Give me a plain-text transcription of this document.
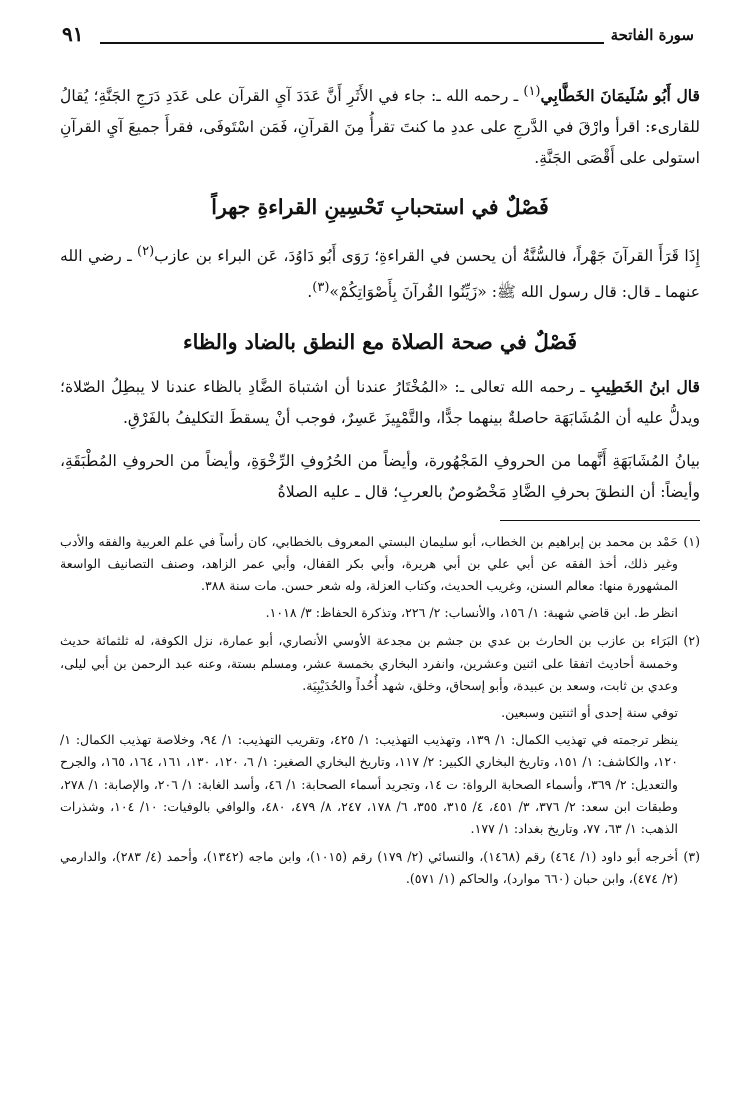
سورة الفاتحة
٩١

قال أَبُو سُلَيمَانَ الخَطَّابِي$^{(١)}$ ـ رحمه الله ـ: جاء في الأَثَرِ أَنَّ عَدَدَ آيِ القرآن على عَدَدِ دَرَجِ الجَنَّةِ؛ يُقالُ للقارىء: اقرأ وارْقَ في الدَّرجِ على عددِ ما كنتَ تقرأُ مِنَ القرآنِ، فَمَن اسْتَوفَى، فقرأَ جميعَ آيِ القرآنِ استولى على أَقْصَى الجَنَّةِ.

فَصْلٌ في استحبابِ تَحْسِينِ القراءةِ جهراً

إِذَا قَرَأَ القرآنَ جَهْراً، فالسُّنَّةُ أن يحسن في القراءةِ؛ رَوَى أَبُو دَاوُدَ، عَن البراء بن عازب$^{(٢)}$ ـ رضي الله عنهما ـ قال: قال رسول الله ﷺ: «زَيِّنُوا القُرآنَ بِأَصْوَاتِكُمْ»$^{(٣)}$.

فَصْلٌ في صحة الصلاة مع النطق بالضاد والظاء

قال ابنُ الخَطِيبِ ـ رحمه الله تعالى ـ: «المُخْتَارُ عندنا أن اشتباهَ الضَّادِ بالظاء عندنا لا يبطِلُ الصّلاة؛ ويدلُّ عليه أن المُشَابَهَة حاصلةٌ بينهما جدًّا، والتَّمْيِيزَ عَسِرٌ، فوجب أنْ يسقطَ التكليفُ بالفَرْقِ.

بيانُ المُشَابَهَةِ أَنَّهما من الحروفِ المَجْهُورة، وأيضاً من الحُرُوفِ الرِّخْوَةِ، وأيضاً من الحروفِ المُطْبَقَةِ، وأيضاً: أن النطقَ بحرفِ الضَّادِ مَخْصُوصٌ بالعربِ؛ قال ـ عليه الصلاةُ

(١)

حَمْد بن محمد بن إبراهيم بن الخطاب، أبو سليمان البستي المعروف بالخطابي، كان رأساً في علم العربية والفقه والأدب وغير ذلك، أخذ الفقه عن أبي علي بن أبي هريرة، وأبي بكر القفال، وأبي عمر الزاهد، وصنف التصانيف الواسعة المشهورة منها: معالم السنن، وغريب الحديث، وكتاب العزلة، وله شعر حسن. مات سنة ٣٨٨.

انظر ط. ابن قاضي شهبة: ١/ ١٥٦، والأنساب: ٢/ ٢٢٦، وتذكرة الحفاظ: ٣/ ١٠١٨.

(٢)

البَرَاء بن عازب بن الحارث بن عدي بن جشم بن مجدعة الأوسي الأنصاري، أبو عمارة، نزل الكوفة، له ثلثمائة حديث وخمسة أحاديث اتفقا على اثنين وعشرين، وانفرد البخاري بخمسة عشر، ومسلم بستة، وعنه عبد الرحمن بن أبي ليلى، وعدي بن ثابت، وسعد بن عبيدة، وأبو إسحاق، وخلق، شهد أُحُداً والحُدَيْبِيَة.

توفي سنة إحدى أو اثنتين وسبعين.

ينظر ترجمته في تهذيب الكمال: ١/ ١٣٩، وتهذيب التهذيب: ١/ ٤٢٥، وتقريب التهذيب: ١/ ٩٤، وخلاصة تهذيب الكمال: ١/ ١٢٠، والكاشف: ١/ ١٥١، وتاريخ البخاري الكبير: ٢/ ١١٧، وتاريخ البخاري الصغير: ١/ ٦، ١٢٠، ١٣٠، ١٦١، ١٦٤، ١٦٥، والجرح والتعديل: ٢/ ٣٦٩، وأسماء الصحابة الرواة: ت ١٤، وتجريد أسماء الصحابة: ١/ ٤٦، وأسد الغابة: ١/ ٢٠٦، والإصابة: ١/ ٢٧٨، وطبقات ابن سعد: ٢/ ٣٧٦، ٣/ ٤٥١، ٤/ ٣١٥، ٣٥٥، ٦/ ١٧٨، ٢٤٧، ٨/ ٤٧٩، ٤٨٠، والوافي بالوفيات: ١٠/ ١٠٤، وشذرات الذهب: ١/ ٦٣، ٧٧، وتاريخ بغداد: ١/ ١٧٧.

(٣)

أخرجه أبو داود (١/ ٤٦٤) رقم (١٤٦٨)، والنسائي (٢/ ١٧٩) رقم (١٠١٥)، وابن ماجه (١٣٤٢)، وأحمد (٤/ ٢٨٣)، والدارمي (٢/ ٤٧٤)، وابن حبان (٦٦٠ موارد)، والحاكم (١/ ٥٧١).
